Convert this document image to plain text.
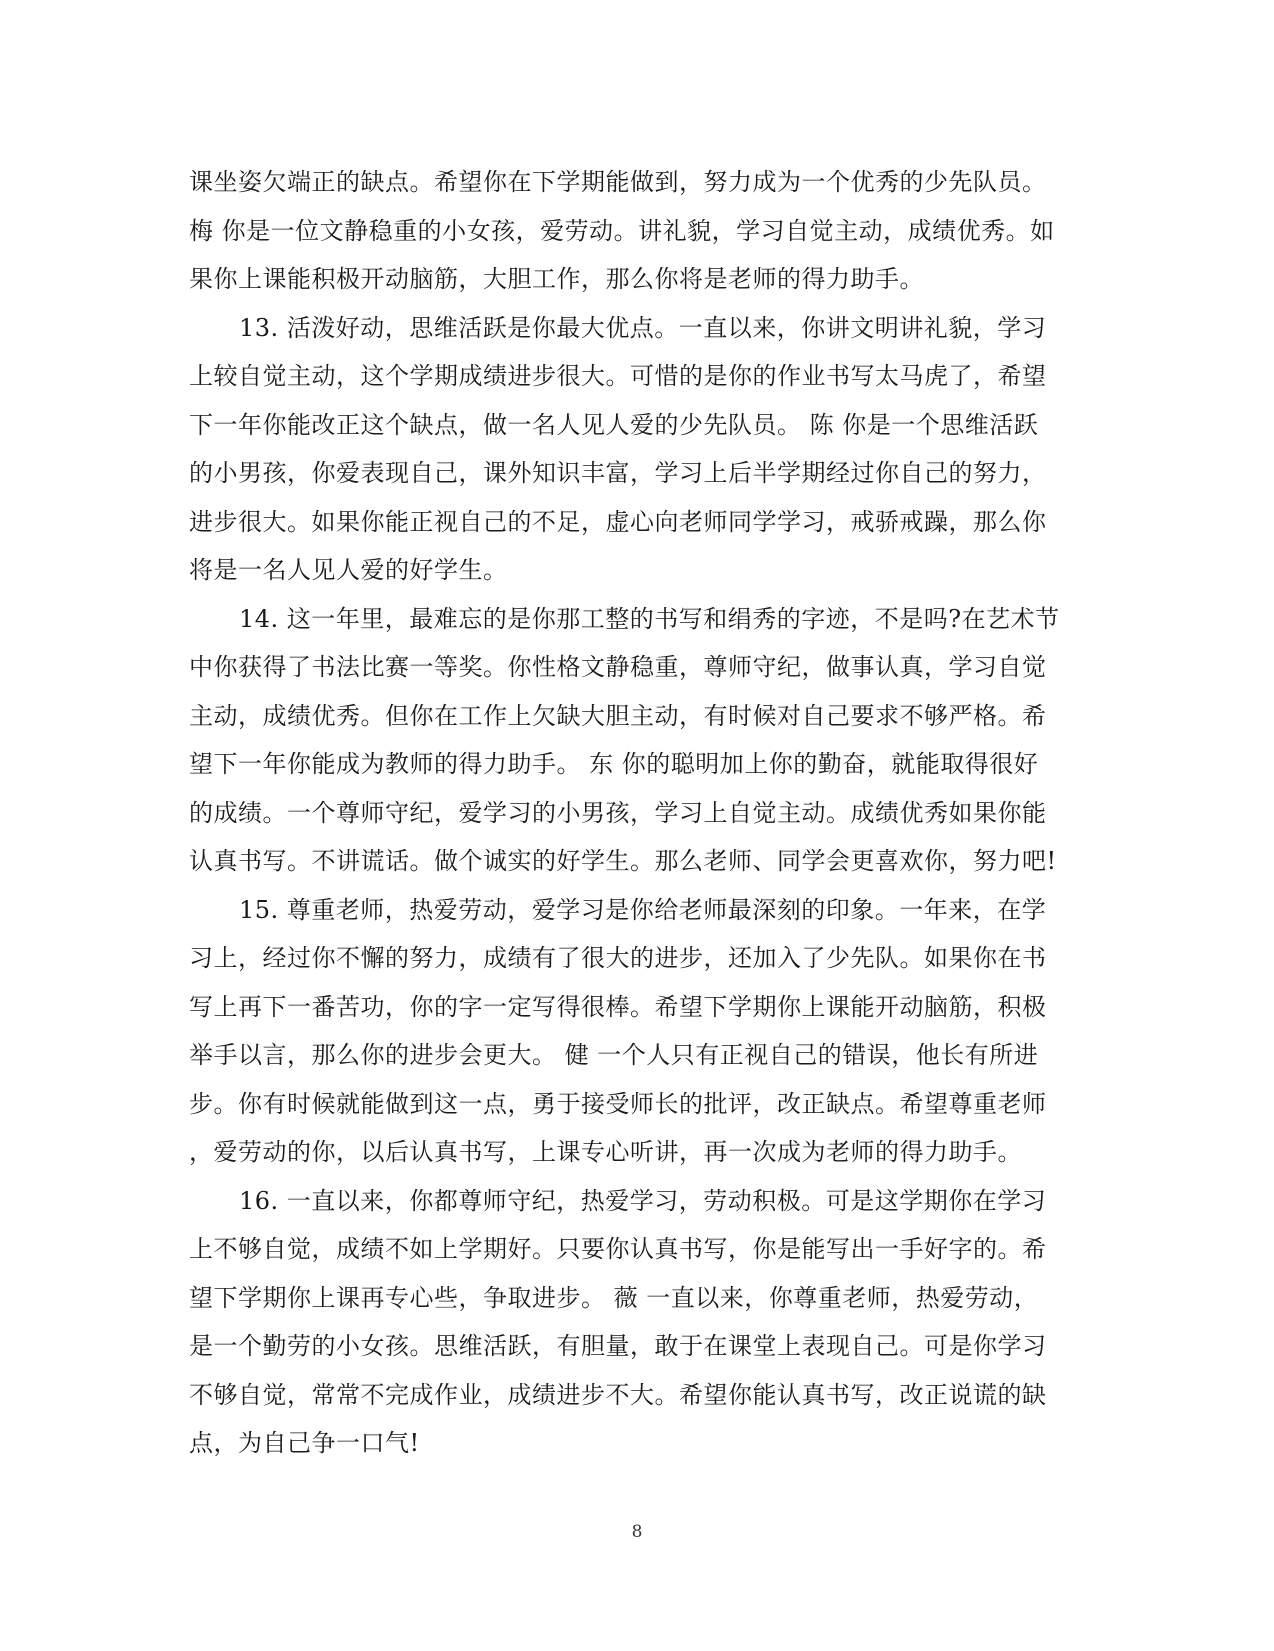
课坐姿欠端正的缺点。希望你在下学期能做到，努力成为一个优秀的少先队员。
梅 你是一位文静稳重的小女孩，爱劳动。讲礼貌，学习自觉主动，成绩优秀。如
果你上课能积极开动脑筋，大胆工作，那么你将是老师的得力助手。
13. 活泼好动，思维活跃是你最大优点。一直以来，你讲文明讲礼貌，学习
上较自觉主动，这个学期成绩进步很大。可惜的是你的作业书写太马虎了，希望
下一年你能改正这个缺点，做一名人见人爱的少先队员。 陈 你是一个思维活跃
的小男孩，你爱表现自己，课外知识丰富，学习上后半学期经过你自己的努力，
进步很大。如果你能正视自己的不足，虚心向老师同学学习，戒骄戒躁，那么你
将是一名人见人爱的好学生。
14. 这一年里，最难忘的是你那工整的书写和绢秀的字迹，不是吗?在艺术节
中你获得了书法比赛一等奖。你性格文静稳重，尊师守纪，做事认真，学习自觉
主动，成绩优秀。但你在工作上欠缺大胆主动，有时候对自己要求不够严格。希
望下一年你能成为教师的得力助手。 东 你的聪明加上你的勤奋，就能取得很好
的成绩。一个尊师守纪，爱学习的小男孩，学习上自觉主动。成绩优秀如果你能
认真书写。不讲谎话。做个诚实的好学生。那么老师、同学会更喜欢你，努力吧!
15. 尊重老师，热爱劳动，爱学习是你给老师最深刻的印象。一年来，在学
习上，经过你不懈的努力，成绩有了很大的进步，还加入了少先队。如果你在书
写上再下一番苦功，你的字一定写得很棒。希望下学期你上课能开动脑筋，积极
举手以言，那么你的进步会更大。 健 一个人只有正视自己的错误，他长有所进
步。你有时候就能做到这一点，勇于接受师长的批评，改正缺点。希望尊重老师
，爱劳动的你，以后认真书写，上课专心听讲，再一次成为老师的得力助手。
16. 一直以来，你都尊师守纪，热爱学习，劳动积极。可是这学期你在学习
上不够自觉，成绩不如上学期好。只要你认真书写，你是能写出一手好字的。希
望下学期你上课再专心些，争取进步。 薇 一直以来，你尊重老师，热爱劳动，
是一个勤劳的小女孩。思维活跃，有胆量，敢于在课堂上表现自己。可是你学习
不够自觉，常常不完成作业，成绩进步不大。希望你能认真书写，改正说谎的缺
点，为自己争一口气!
8
